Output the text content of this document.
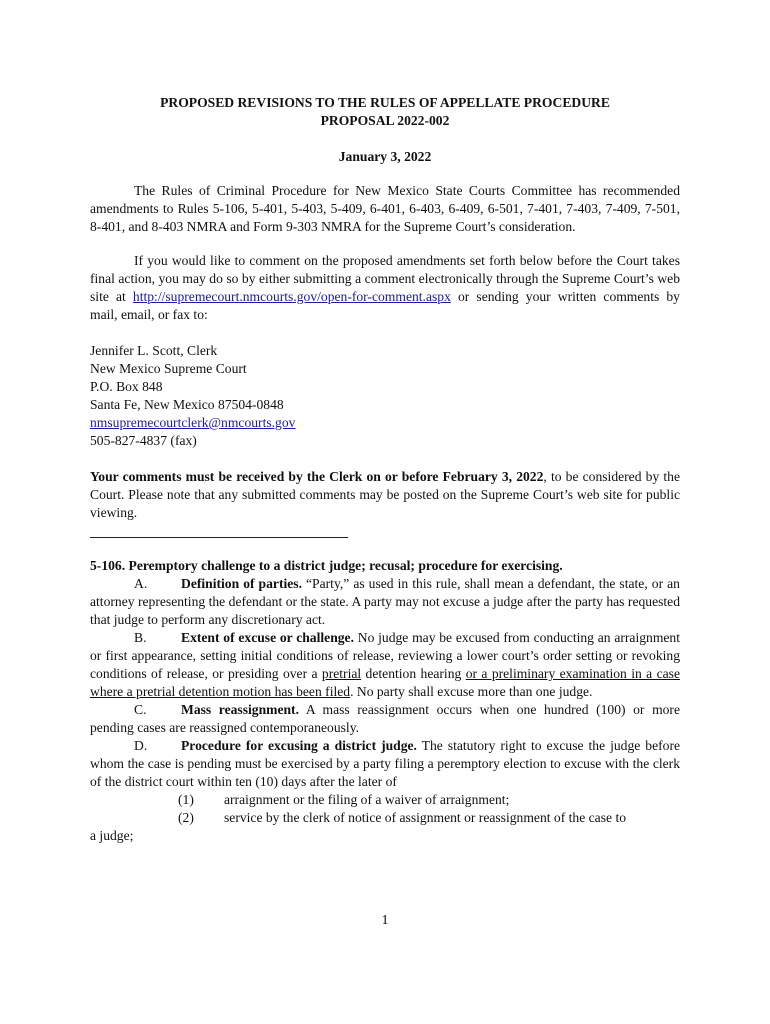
PROPOSED REVISIONS TO THE RULES OF APPELLATE PROCEDURE

PROPOSAL 2022-002

January 3, 2022

The Rules of Criminal Procedure for New Mexico State Courts Committee has recommended amendments to Rules 5-106, 5-401, 5-403, 5-409, 6-401, 6-403, 6-409, 6-501, 7-401, 7-403, 7-409, 7-501, 8-401, and 8-403 NMRA and Form 9-303 NMRA for the Supreme Court’s consideration.

If you would like to comment on the proposed amendments set forth below before the Court takes final action, you may do so by either submitting a comment electronically through the Supreme Court’s web site at http://supremecourt.nmcourts.gov/open-for-comment.aspx or sending your written comments by mail, email, or fax to:

Jennifer L. Scott, Clerk

New Mexico Supreme Court

P.O. Box 848

Santa Fe, New Mexico 87504-0848

nmsupremecourtclerk@nmcourts.gov

505-827-4837 (fax)

Your comments must be received by the Clerk on or before February 3, 2022, to be considered by the Court. Please note that any submitted comments may be posted on the Supreme Court’s web site for public viewing.

5-106. Peremptory challenge to a district judge; recusal; procedure for exercising.

A. Definition of parties. “Party,” as used in this rule, shall mean a defendant, the state, or an attorney representing the defendant or the state. A party may not excuse a judge after the party has requested that judge to perform any discretionary act.

B.	Extent of excuse or challenge. No judge may be excused from conducting an arraignment or first appearance, setting initial conditions of release, reviewing a lower court’s order setting or revoking conditions of release, or presiding over a pretrial detention hearing or a preliminary examination in a case where a pretrial detention motion has been filed. No party shall excuse more than one judge.

C.	Mass reassignment. A mass reassignment occurs when one hundred (100) or more pending cases are reassigned contemporaneously.

D. Procedure for excusing a district judge. The statutory right to excuse the judge before whom the case is pending must be exercised by a party filing a peremptory election to excuse with the clerk of the district court within ten (10) days after the later of

(1)	arraignment or the filing of a waiver of arraignment;
(2)	service by the clerk of notice of assignment or reassignment of the case to

a judge;

1
